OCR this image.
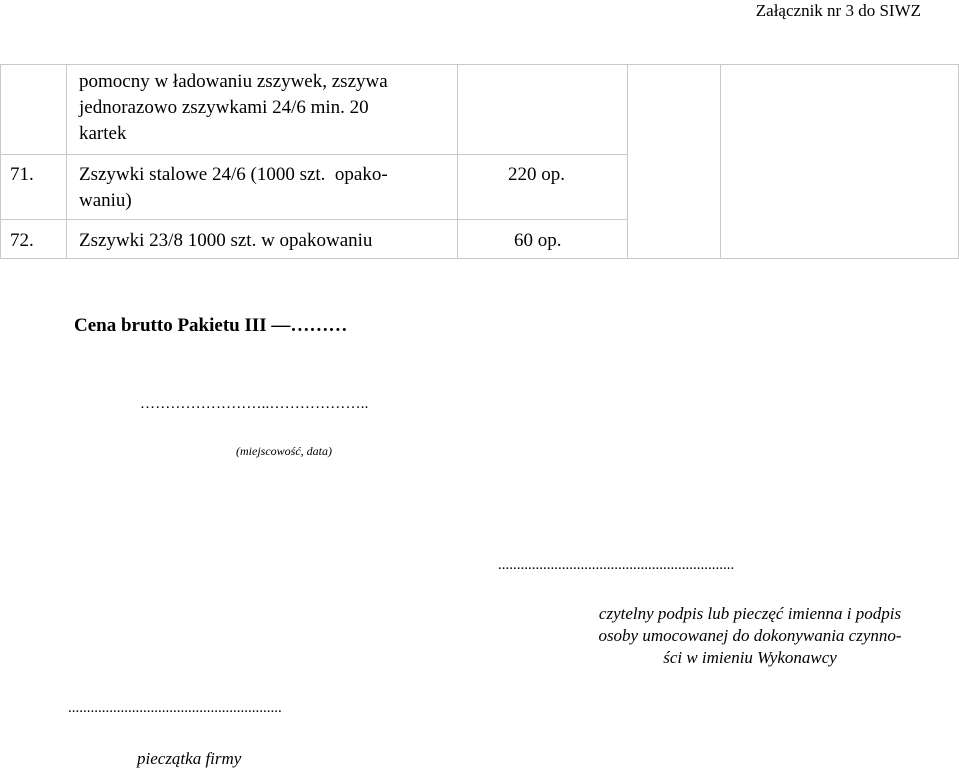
Załącznik nr 3 do SIWZ
pomocny w ładowaniu zszywek, zszywa
jednorazowo zszywkami 24/6 min. 20
kartek
71. Zszywki stalowe 24/6 (1000 szt.  opako-
waniu)
220 op.
72. Zszywki 23/8 1000 szt. w opakowaniu	60 op.
Cena brutto Pakietu III —………
……………………..………………..
(miejscowość, data)
...............................................................
czytelny podpis lub pieczęć imienna i podpis
osoby umocowanej do dokonywania czynno-
ści w imieniu Wykonawcy
.........................................................
pieczątka firmy
